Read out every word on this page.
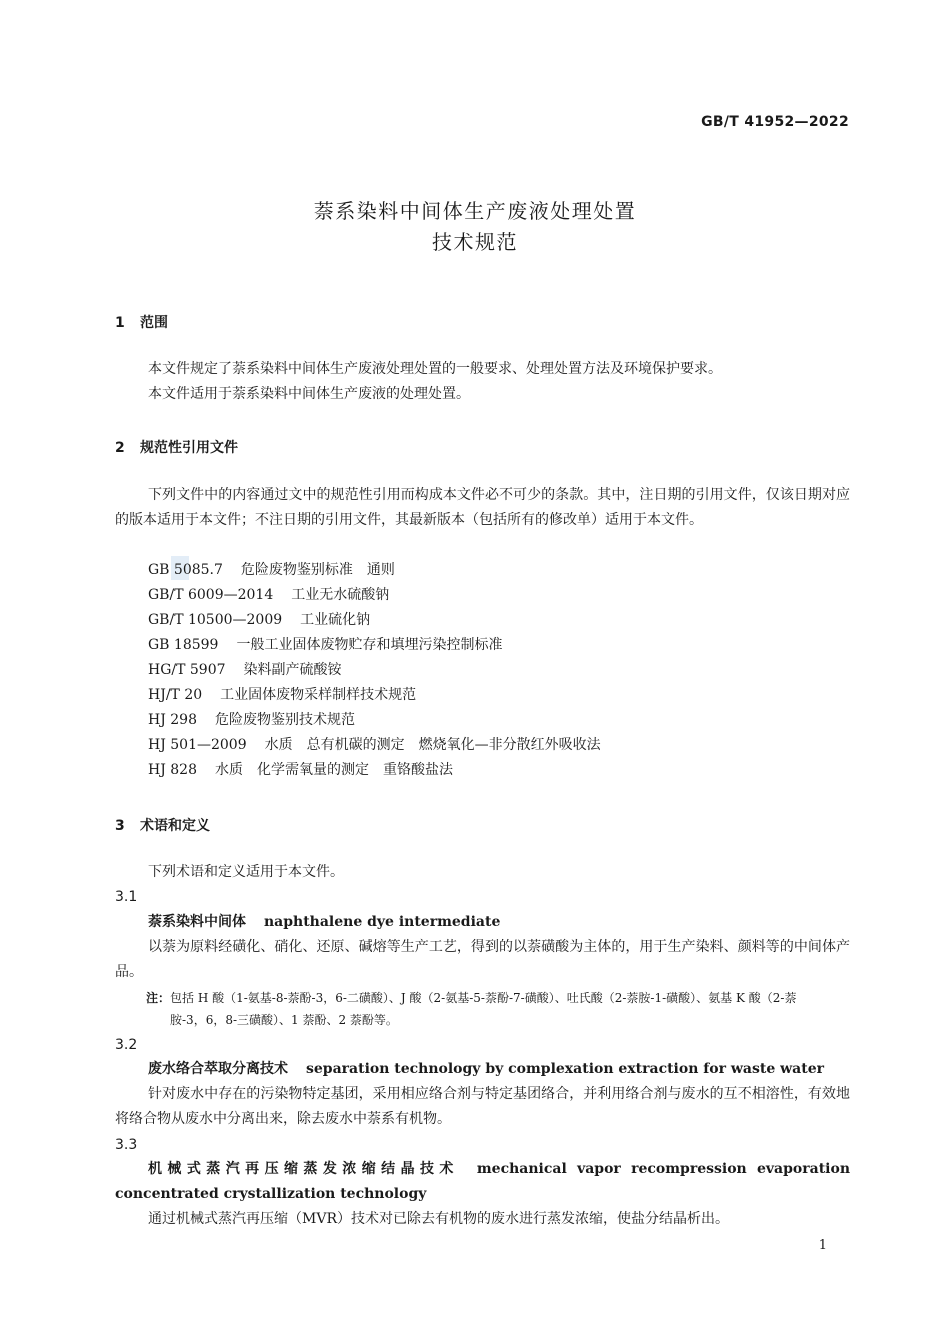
GB/T 41952—2022
萘系染料中间体生产废液处理处置
技术规范
1 范围
本文件规定了萘系染料中间体生产废液处理处置的一般要求、处理处置方法及环境保护要求。
本文件适用于萘系染料中间体生产废液的处理处置。
2 规范性引用文件
下列文件中的内容通过文中的规范性引用而构成本文件必不可少的条款。其中，注日期的引用文件，仅该日期对应的版本适用于本文件；不注日期的引用文件，其最新版本（包括所有的修改单）适用于本文件。
GB 5085.7 危险废物鉴别标准　通则
GB/T 6009—2014 工业无水硫酸钠
GB/T 10500—2009 工业硫化钠
GB 18599 一般工业固体废物贮存和填埋污染控制标准
HG/T 5907 染料副产硫酸铵
HJ/T 20 工业固体废物采样制样技术规范
HJ 298 危险废物鉴别技术规范
HJ 501—2009 水质　总有机碳的测定　燃烧氧化—非分散红外吸收法
HJ 828 水质　化学需氧量的测定　重铬酸盐法
3 术语和定义
下列术语和定义适用于本文件。
3.1
萘系染料中间体 naphthalene dye intermediate
以萘为原料经磺化、硝化、还原、碱熔等生产工艺，得到的以萘磺酸为主体的，用于生产染料、颜料等的中间体产品。
注：包括 H 酸（1-氨基-8-萘酚-3，6-二磺酸）、J 酸（2-氨基-5-萘酚-7-磺酸）、吐氏酸（2-萘胺-1-磺酸）、氨基 K 酸（2-萘
胺-3，6，8-三磺酸）、1 萘酚、2 萘酚等。
3.2
废水络合萃取分离技术 separation technology by complexation extraction for waste water
针对废水中存在的污染物特定基团，采用相应络合剂与特定基团络合，并利用络合剂与废水的互不相溶性，有效地将络合物从废水中分离出来，除去废水中萘系有机物。
3.3
机械式蒸汽再压缩蒸发浓缩结晶技术 mechanical vapor recompression evaporation concentrated crystallization technology
通过机械式蒸汽再压缩（MVR）技术对已除去有机物的废水进行蒸发浓缩，使盐分结晶析出。
1
